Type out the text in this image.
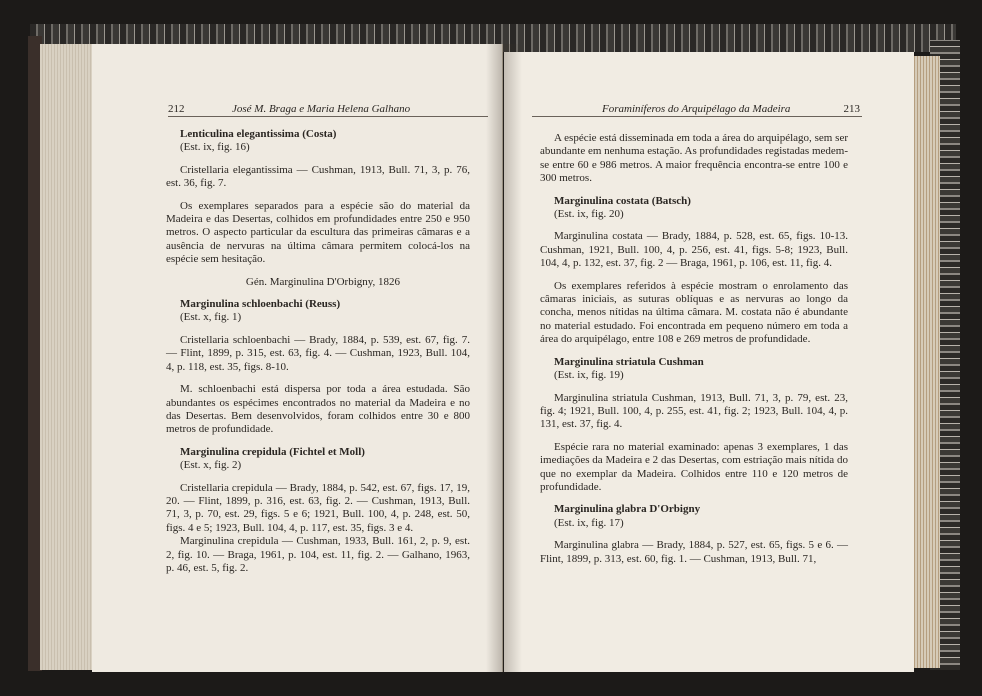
212	José M. Braga e Maria Helena Galhano

Lenticulina elegantissima (Costa)

(Est. ix, fig. 16)

Cristellaria elegantissima — Cushman, 1913, Bull. 71, 3, p. 76, est. 36, fig. 7.

Os exemplares separados para a espécie são do material da Madeira e das Desertas, colhidos em profundidades entre 250 e 950 metros. O aspecto particular da escultura das primeiras câmaras e a ausência de nervuras na última câmara permitem colocá-los na espécie sem hesitação.

Gén. Marginulina D'Orbigny, 1826

Marginulina schloenbachi (Reuss)

(Est. x, fig. 1)

Cristellaria schloenbachi — Brady, 1884, p. 539, est. 67, fig. 7. — Flint, 1899, p. 315, est. 63, fig. 4. — Cushman, 1923, Bull. 104, 4, p. 118, est. 35, figs. 8-10.

M. schloenbachi está dispersa por toda a área estudada. São abundantes os espécimes encontrados no material da Madeira e no das Desertas. Bem desenvolvidos, foram colhidos entre 30 e 800 metros de profundidade.

Marginulina crepidula (Fichtel et Moll)

(Est. x, fig. 2)

Cristellaria crepidula — Brady, 1884, p. 542, est. 67, figs. 17, 19, 20. — Flint, 1899, p. 316, est. 63, fig. 2. — Cushman, 1913, Bull. 71, 3, p. 70, est. 29, figs. 5 e 6; 1921, Bull. 100, 4, p. 248, est. 50, figs. 4 e 5; 1923, Bull. 104, 4, p. 117, est. 35, figs. 3 e 4.

Marginulina crepidula — Cushman, 1933, Bull. 161, 2, p. 9, est. 2, fig. 10. — Braga, 1961, p. 104, est. 11, fig. 2. — Galhano, 1963, p. 46, est. 5, fig. 2.

Foraminíferos do Arquipélago da Madeira	213

A espécie está disseminada em toda a área do arquipélago, sem ser abundante em nenhuma estação. As profundidades registadas medem-se entre 60 e 986 metros. A maior frequência encontra-se entre 100 e 300 metros.

Marginulina costata (Batsch)

(Est. ix, fig. 20)

Marginulina costata — Brady, 1884, p. 528, est. 65, figs. 10-13. Cushman, 1921, Bull. 100, 4, p. 256, est. 41, figs. 5-8; 1923, Bull. 104, 4, p. 132, est. 37, fig. 2 — Braga, 1961, p. 106, est. 11, fig. 4.

Os exemplares referidos à espécie mostram o enrolamento das câmaras iniciais, as suturas oblíquas e as nervuras ao longo da concha, menos nítidas na última câmara. M. costata não é abundante no material estudado. Foi encontrada em pequeno número em toda a área do arquipélago, entre 108 e 269 metros de profundidade.

Marginulina striatula Cushman

(Est. ix, fig. 19)

Marginulina striatula Cushman, 1913, Bull. 71, 3, p. 79, est. 23, fig. 4; 1921, Bull. 100, 4, p. 255, est. 41, fig. 2; 1923, Bull. 104, 4, p. 131, est. 37, fig. 4.

Espécie rara no material examinado: apenas 3 exemplares, 1 das imediações da Madeira e 2 das Desertas, com estriação mais nítida do que no exemplar da Madeira. Colhidos entre 110 e 120 metros de profundidade.

Marginulina glabra D'Orbigny

(Est. ix, fig. 17)

Marginulina glabra — Brady, 1884, p. 527, est. 65, figs. 5 e 6. — Flint, 1899, p. 313, est. 60, fig. 1. — Cushman, 1913, Bull. 71,
